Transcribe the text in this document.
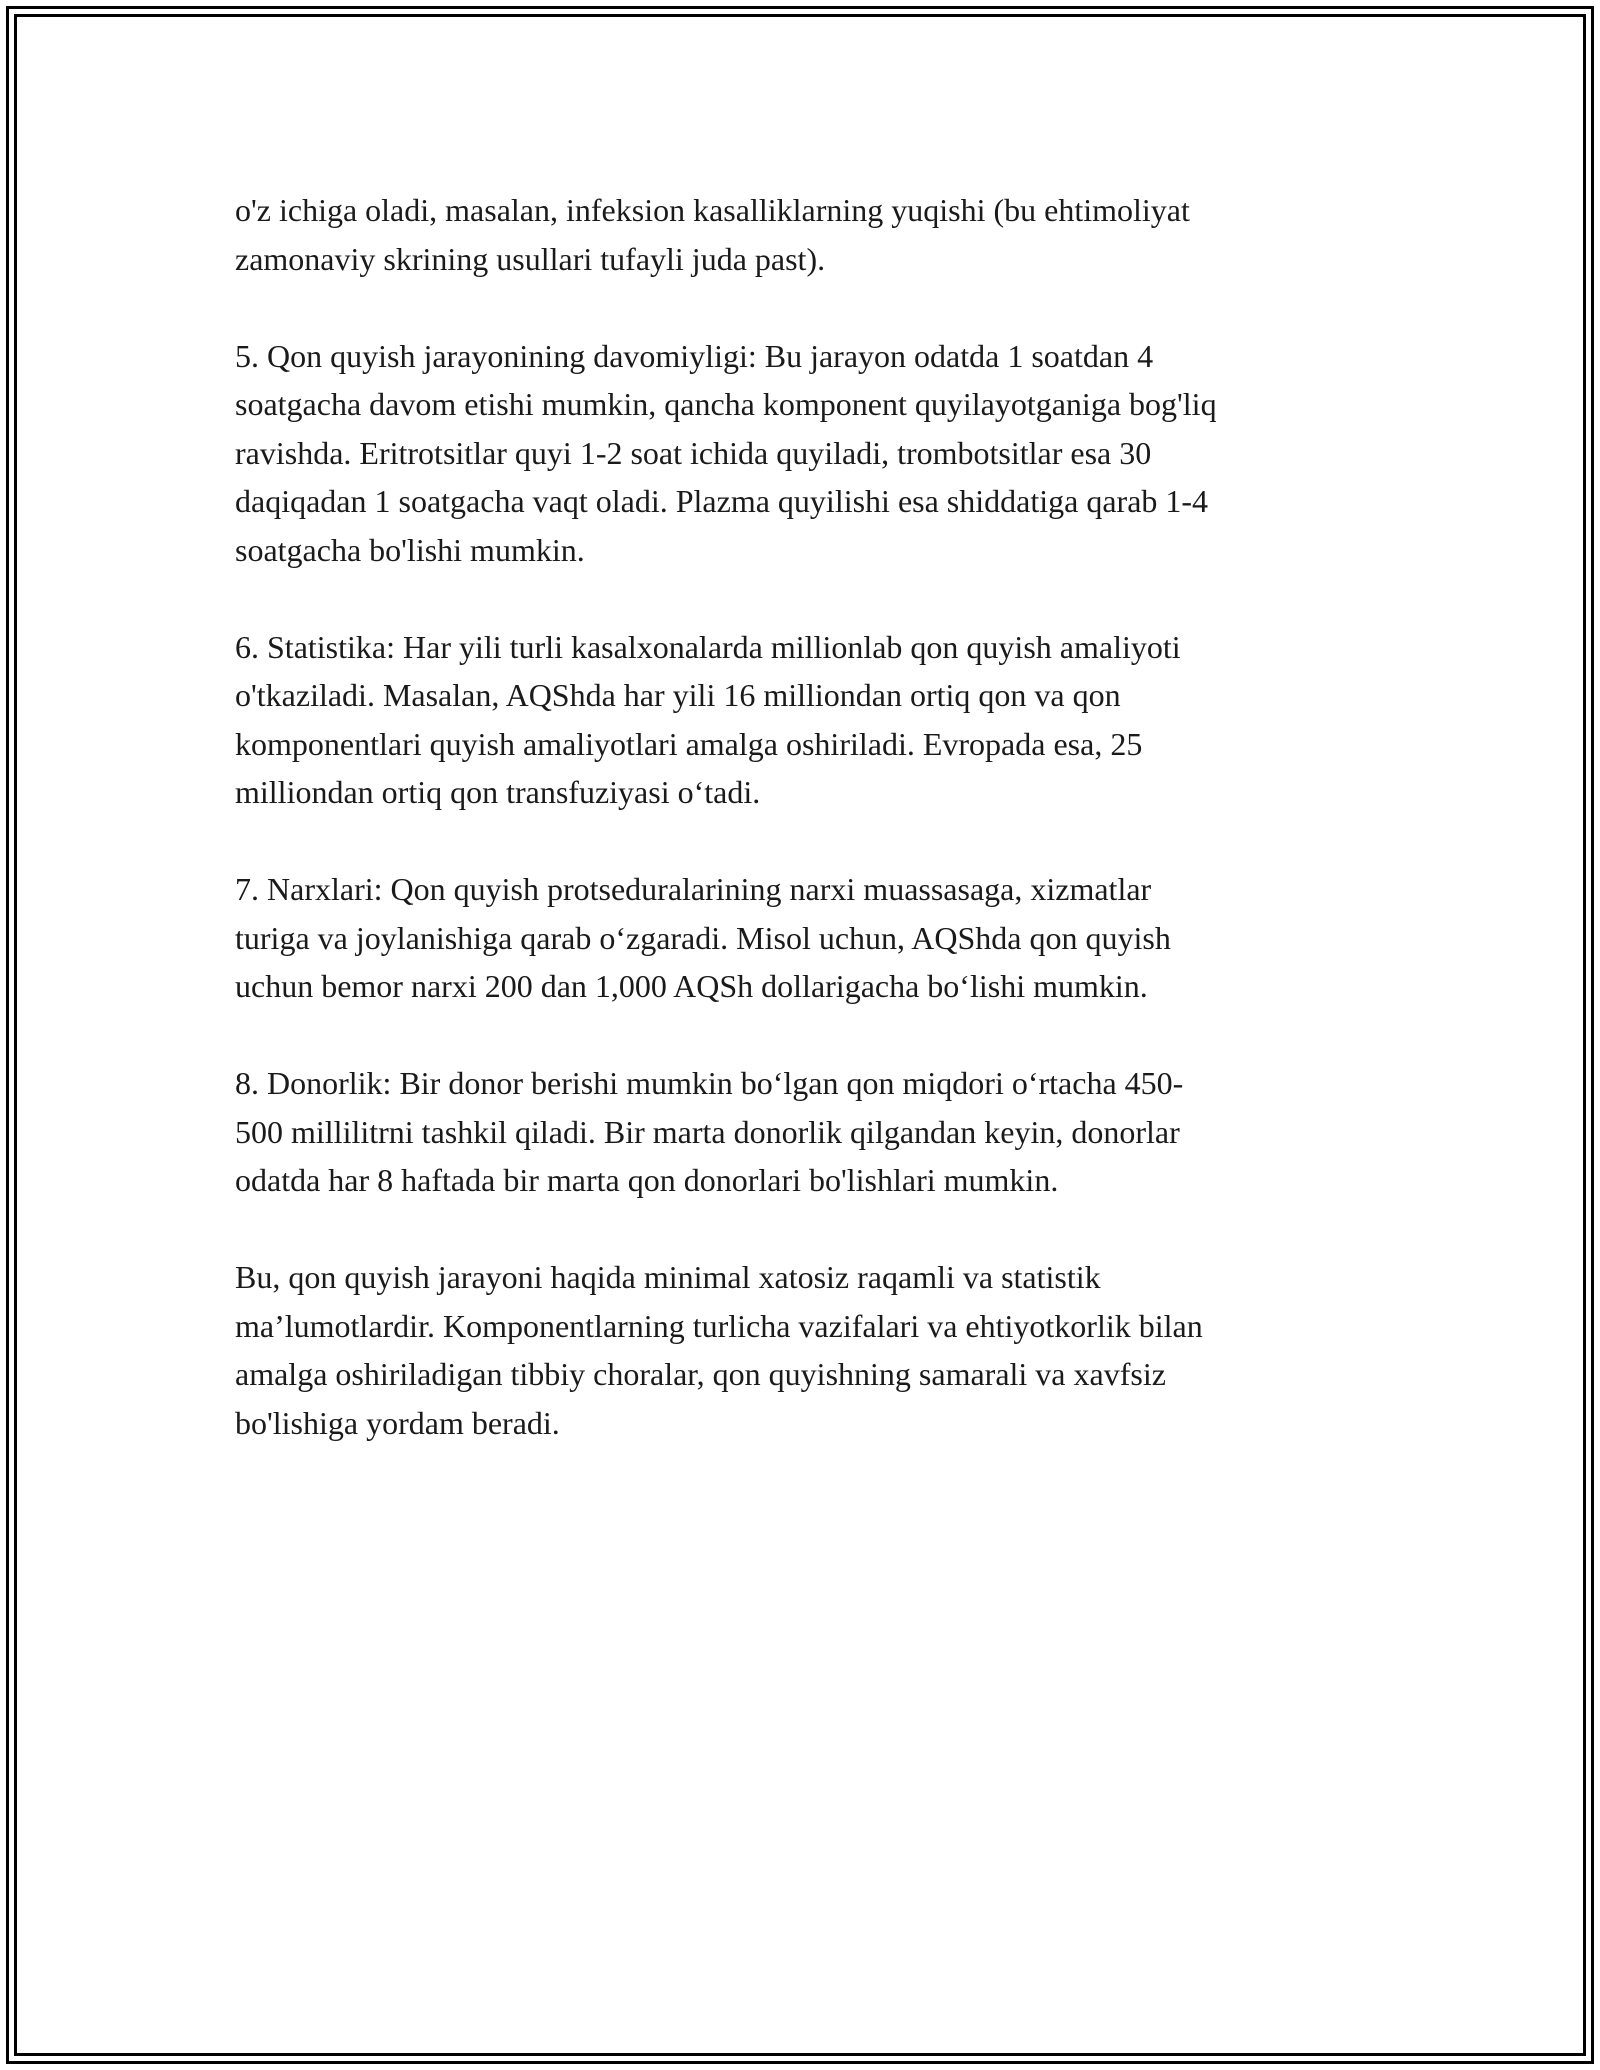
o'z ichiga oladi, masalan, infeksion kasalliklarning yuqishi (bu ehtimoliyat
zamonaviy skrining usullari tufayli juda past).

5. Qon quyish jarayonining davomiyligi: Bu jarayon odatda 1 soatdan 4
soatgacha davom etishi mumkin, qancha komponent quyilayotganiga bog'liq
ravishda. Eritrotsitlar quyi 1-2 soat ichida quyiladi, trombotsitlar esa 30
daqiqadan 1 soatgacha vaqt oladi. Plazma quyilishi esa shiddatiga qarab 1-4
soatgacha bo'lishi mumkin.

6. Statistika: Har yili turli kasalxonalarda millionlab qon quyish amaliyoti
o'tkaziladi. Masalan, AQShda har yili 16 milliondan ortiq qon va qon
komponentlari quyish amaliyotlari amalga oshiriladi. Evropada esa, 25
milliondan ortiq qon transfuziyasi oʻtadi.

7. Narxlari: Qon quyish protseduralarining narxi muassasaga, xizmatlar
turiga va joylanishiga qarab oʻzgaradi. Misol uchun, AQShda qon quyish
uchun bemor narxi 200 dan 1,000 AQSh dollarigacha boʻlishi mumkin.

8. Donorlik: Bir donor berishi mumkin boʻlgan qon miqdori oʻrtacha 450-
500 millilitrni tashkil qiladi. Bir marta donorlik qilgandan keyin, donorlar
odatda har 8 haftada bir marta qon donorlari bo'lishlari mumkin.

Bu, qon quyish jarayoni haqida minimal xatosiz raqamli va statistik
ma’lumotlardir. Komponentlarning turlicha vazifalari va ehtiyotkorlik bilan
amalga oshiriladigan tibbiy choralar, qon quyishning samarali va xavfsiz
bo'lishiga yordam beradi.
